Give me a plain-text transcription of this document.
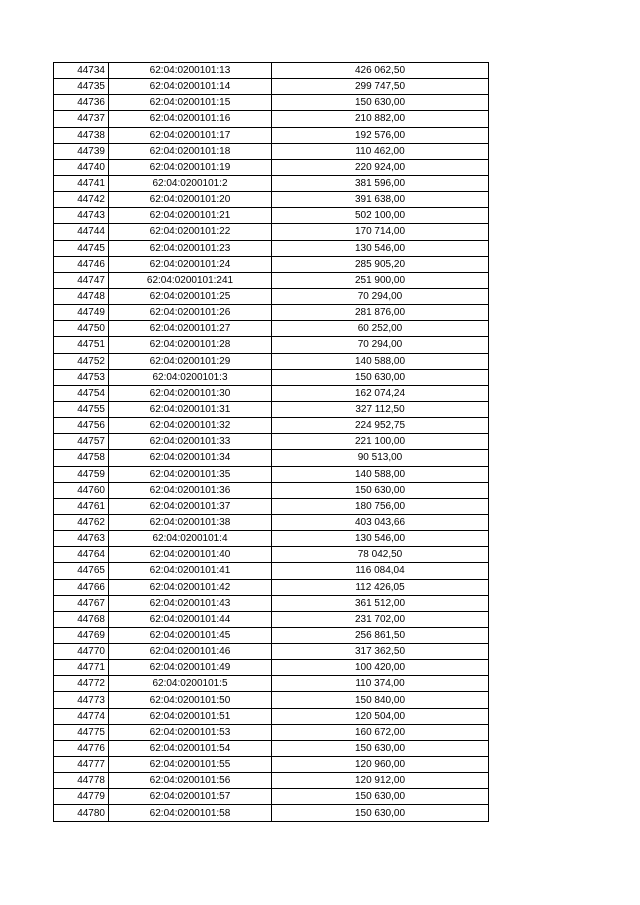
44734	62:04:0200101:13	426 062,50
44735	62:04:0200101:14	299 747,50
44736	62:04:0200101:15	150 630,00
44737	62:04:0200101:16	210 882,00
44738	62:04:0200101:17	192 576,00
44739	62:04:0200101:18	110 462,00
44740	62:04:0200101:19	220 924,00
44741	62:04:0200101:2	381 596,00
44742	62:04:0200101:20	391 638,00
44743	62:04:0200101:21	502 100,00
44744	62:04:0200101:22	170 714,00
44745	62:04:0200101:23	130 546,00
44746	62:04:0200101:24	285 905,20
44747	62:04:0200101:241	251 900,00
44748	62:04:0200101:25	70 294,00
44749	62:04:0200101:26	281 876,00
44750	62:04:0200101:27	60 252,00
44751	62:04:0200101:28	70 294,00
44752	62:04:0200101:29	140 588,00
44753	62:04:0200101:3	150 630,00
44754	62:04:0200101:30	162 074,24
44755	62:04:0200101:31	327 112,50
44756	62:04:0200101:32	224 952,75
44757	62:04:0200101:33	221 100,00
44758	62:04:0200101:34	90 513,00
44759	62:04:0200101:35	140 588,00
44760	62:04:0200101:36	150 630,00
44761	62:04:0200101:37	180 756,00
44762	62:04:0200101:38	403 043,66
44763	62:04:0200101:4	130 546,00
44764	62:04:0200101:40	78 042,50
44765	62:04:0200101:41	116 084,04
44766	62:04:0200101:42	112 426,05
44767	62:04:0200101:43	361 512,00
44768	62:04:0200101:44	231 702,00
44769	62:04:0200101:45	256 861,50
44770	62:04:0200101:46	317 362,50
44771	62:04:0200101:49	100 420,00
44772	62:04:0200101:5	110 374,00
44773	62:04:0200101:50	150 840,00
44774	62:04:0200101:51	120 504,00
44775	62:04:0200101:53	160 672,00
44776	62:04:0200101:54	150 630,00
44777	62:04:0200101:55	120 960,00
44778	62:04:0200101:56	120 912,00
44779	62:04:0200101:57	150 630,00
44780	62:04:0200101:58	150 630,00
